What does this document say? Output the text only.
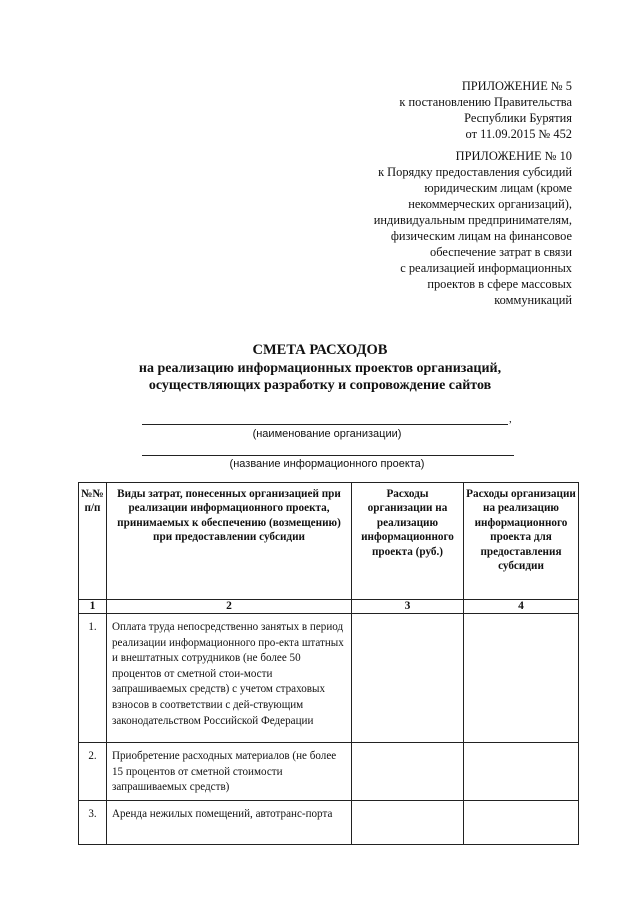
ПРИЛОЖЕНИЕ № 5
к постановлению Правительства
Республики Бурятия
от 11.09.2015 № 452
ПРИЛОЖЕНИЕ № 10
к Порядку предоставления субсидий
юридическим лицам (кроме
некоммерческих организаций),
индивидуальным предпринимателям,
физическим лицам на финансовое
обеспечение затрат в связи
с реализацией информационных
проектов в сфере массовых
коммуникаций
СМЕТА РАСХОДОВ
на реализацию информационных проектов организаций,
осуществляющих разработку и сопровождение сайтов
,
(наименование организации)
(название информационного проекта)
№№ п/п	Виды затрат, понесенных организацией при реализации информационного проекта, принимаемых к обеспечению (возмещению) при предоставлении субсидии	Расходы организации на реализацию информационного проекта (руб.)	Расходы организации на реализацию информационного проекта для предоставления субсидии
1	2	3	4
1.	Оплата труда непосредственно занятых в период реализации информационного про-екта штатных и внештатных сотрудников (не более 50 процентов от сметной стои-мости запрашиваемых средств) с учетом страховых взносов в соответствии с дей-ствующим законодательством Российской Федерации		
2.	Приобретение расходных материалов (не более 15 процентов от сметной стоимости запрашиваемых средств)		
3.	Аренда нежилых помещений, автотранс-порта		
